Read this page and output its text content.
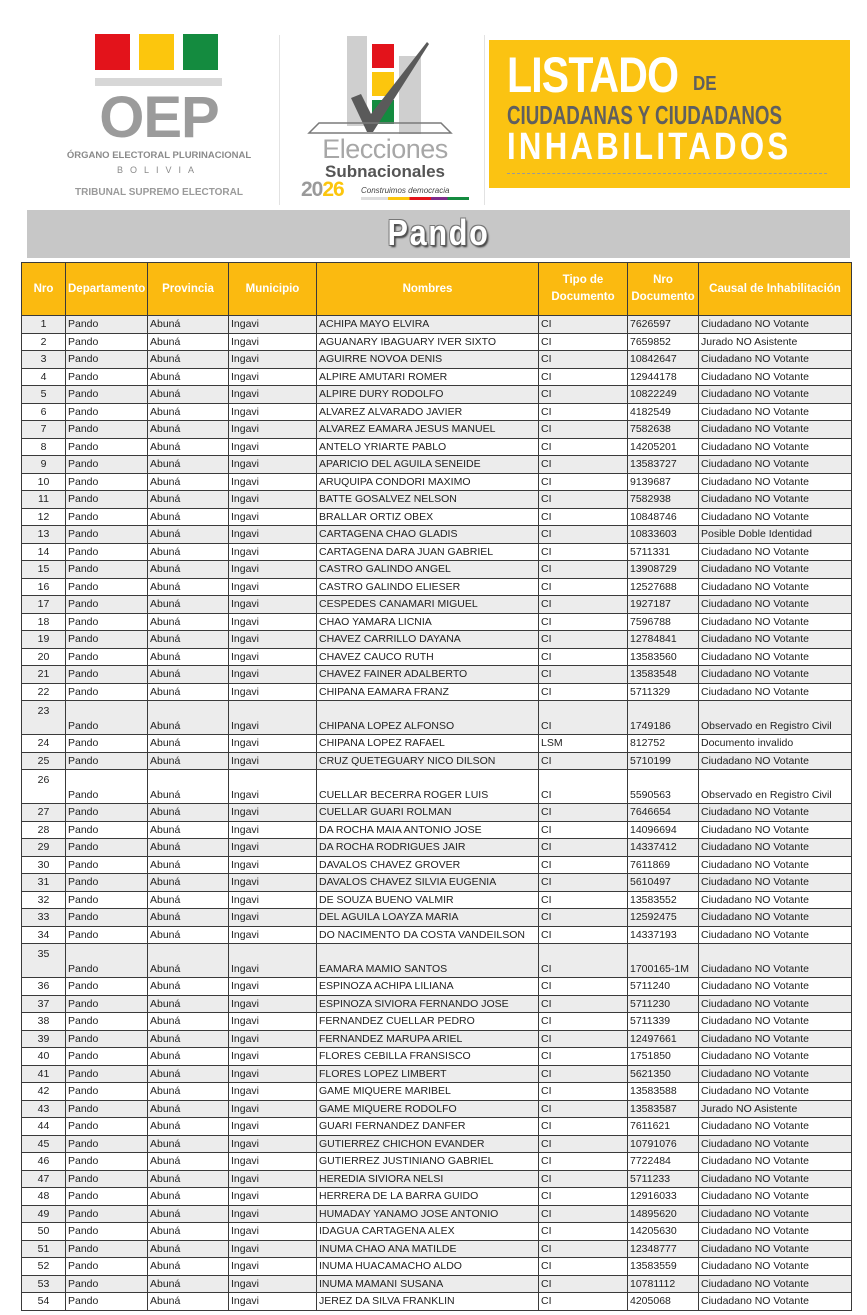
OEP
ÓRGANO ELECTORAL PLURINACIONAL
BOLIVIA
TRIBUNAL SUPREMO ELECTORAL
Elecciones
Subnacionales
2026 Construimos democracia
LISTADO DE
CIUDADANAS Y CIUDADANOS
INHABILITADOS
Pando
Nro	Departamento	Provincia	Municipio	Nombres	Tipo de Documento	Nro Documento	Causal de Inhabilitación
1	Pando	Abuná	Ingavi	ACHIPA MAYO ELVIRA	CI	7626597	Ciudadano NO Votante
2	Pando	Abuná	Ingavi	AGUANARY IBAGUARY IVER SIXTO	CI	7659852	Jurado NO Asistente
3	Pando	Abuná	Ingavi	AGUIRRE NOVOA DENIS	CI	10842647	Ciudadano NO Votante
4	Pando	Abuná	Ingavi	ALPIRE AMUTARI ROMER	CI	12944178	Ciudadano NO Votante
5	Pando	Abuná	Ingavi	ALPIRE DURY RODOLFO	CI	10822249	Ciudadano NO Votante
6	Pando	Abuná	Ingavi	ALVAREZ ALVARADO JAVIER	CI	4182549	Ciudadano NO Votante
7	Pando	Abuná	Ingavi	ALVAREZ EAMARA JESUS MANUEL	CI	7582638	Ciudadano NO Votante
8	Pando	Abuná	Ingavi	ANTELO YRIARTE PABLO	CI	14205201	Ciudadano NO Votante
9	Pando	Abuná	Ingavi	APARICIO DEL AGUILA SENEIDE	CI	13583727	Ciudadano NO Votante
10	Pando	Abuná	Ingavi	ARUQUIPA CONDORI MAXIMO	CI	9139687	Ciudadano NO Votante
11	Pando	Abuná	Ingavi	BATTE GOSALVEZ NELSON	CI	7582938	Ciudadano NO Votante
12	Pando	Abuná	Ingavi	BRALLAR ORTIZ OBEX	CI	10848746	Ciudadano NO Votante
13	Pando	Abuná	Ingavi	CARTAGENA CHAO GLADIS	CI	10833603	Posible Doble Identidad
14	Pando	Abuná	Ingavi	CARTAGENA DARA JUAN GABRIEL	CI	5711331	Ciudadano NO Votante
15	Pando	Abuná	Ingavi	CASTRO GALINDO ANGEL	CI	13908729	Ciudadano NO Votante
16	Pando	Abuná	Ingavi	CASTRO GALINDO ELIESER	CI	12527688	Ciudadano NO Votante
17	Pando	Abuná	Ingavi	CESPEDES CANAMARI MIGUEL	CI	1927187	Ciudadano NO Votante
18	Pando	Abuná	Ingavi	CHAO YAMARA LICNIA	CI	7596788	Ciudadano NO Votante
19	Pando	Abuná	Ingavi	CHAVEZ CARRILLO DAYANA	CI	12784841	Ciudadano NO Votante
20	Pando	Abuná	Ingavi	CHAVEZ CAUCO RUTH	CI	13583560	Ciudadano NO Votante
21	Pando	Abuná	Ingavi	CHAVEZ FAINER ADALBERTO	CI	13583548	Ciudadano NO Votante
22	Pando	Abuná	Ingavi	CHIPANA EAMARA FRANZ	CI	5711329	Ciudadano NO Votante
23	Pando	Abuná	Ingavi	CHIPANA LOPEZ ALFONSO	CI	1749186	Observado en Registro Civil
24	Pando	Abuná	Ingavi	CHIPANA LOPEZ RAFAEL	LSM	812752	Documento invalido
25	Pando	Abuná	Ingavi	CRUZ QUETEGUARY NICO DILSON	CI	5710199	Ciudadano NO Votante
26	Pando	Abuná	Ingavi	CUELLAR BECERRA ROGER LUIS	CI	5590563	Observado en Registro Civil
27	Pando	Abuná	Ingavi	CUELLAR GUARI ROLMAN	CI	7646654	Ciudadano NO Votante
28	Pando	Abuná	Ingavi	DA ROCHA MAIA ANTONIO JOSE	CI	14096694	Ciudadano NO Votante
29	Pando	Abuná	Ingavi	DA ROCHA RODRIGUES JAIR	CI	14337412	Ciudadano NO Votante
30	Pando	Abuná	Ingavi	DAVALOS CHAVEZ GROVER	CI	7611869	Ciudadano NO Votante
31	Pando	Abuná	Ingavi	DAVALOS CHAVEZ SILVIA EUGENIA	CI	5610497	Ciudadano NO Votante
32	Pando	Abuná	Ingavi	DE SOUZA BUENO VALMIR	CI	13583552	Ciudadano NO Votante
33	Pando	Abuná	Ingavi	DEL AGUILA LOAYZA MARIA	CI	12592475	Ciudadano NO Votante
34	Pando	Abuná	Ingavi	DO NACIMENTO DA COSTA VANDEILSON	CI	14337193	Ciudadano NO Votante
35	Pando	Abuná	Ingavi	EAMARA MAMIO SANTOS	CI	1700165-1M	Ciudadano NO Votante
36	Pando	Abuná	Ingavi	ESPINOZA ACHIPA LILIANA	CI	5711240	Ciudadano NO Votante
37	Pando	Abuná	Ingavi	ESPINOZA SIVIORA FERNANDO JOSE	CI	5711230	Ciudadano NO Votante
38	Pando	Abuná	Ingavi	FERNANDEZ CUELLAR PEDRO	CI	5711339	Ciudadano NO Votante
39	Pando	Abuná	Ingavi	FERNANDEZ MARUPA ARIEL	CI	12497661	Ciudadano NO Votante
40	Pando	Abuná	Ingavi	FLORES CEBILLA FRANSISCO	CI	1751850	Ciudadano NO Votante
41	Pando	Abuná	Ingavi	FLORES LOPEZ LIMBERT	CI	5621350	Ciudadano NO Votante
42	Pando	Abuná	Ingavi	GAME MIQUERE MARIBEL	CI	13583588	Ciudadano NO Votante
43	Pando	Abuná	Ingavi	GAME MIQUERE RODOLFO	CI	13583587	Jurado NO Asistente
44	Pando	Abuná	Ingavi	GUARI FERNANDEZ DANFER	CI	7611621	Ciudadano NO Votante
45	Pando	Abuná	Ingavi	GUTIERREZ CHICHON EVANDER	CI	10791076	Ciudadano NO Votante
46	Pando	Abuná	Ingavi	GUTIERREZ JUSTINIANO GABRIEL	CI	7722484	Ciudadano NO Votante
47	Pando	Abuná	Ingavi	HEREDIA SIVIORA NELSI	CI	5711233	Ciudadano NO Votante
48	Pando	Abuná	Ingavi	HERRERA DE LA BARRA GUIDO	CI	12916033	Ciudadano NO Votante
49	Pando	Abuná	Ingavi	HUMADAY YANAMO JOSE ANTONIO	CI	14895620	Ciudadano NO Votante
50	Pando	Abuná	Ingavi	IDAGUA CARTAGENA ALEX	CI	14205630	Ciudadano NO Votante
51	Pando	Abuná	Ingavi	INUMA CHAO ANA MATILDE	CI	12348777	Ciudadano NO Votante
52	Pando	Abuná	Ingavi	INUMA HUACAMACHO ALDO	CI	13583559	Ciudadano NO Votante
53	Pando	Abuná	Ingavi	INUMA MAMANI SUSANA	CI	10781112	Ciudadano NO Votante
54	Pando	Abuná	Ingavi	JEREZ DA SILVA FRANKLIN	CI	4205068	Ciudadano NO Votante
